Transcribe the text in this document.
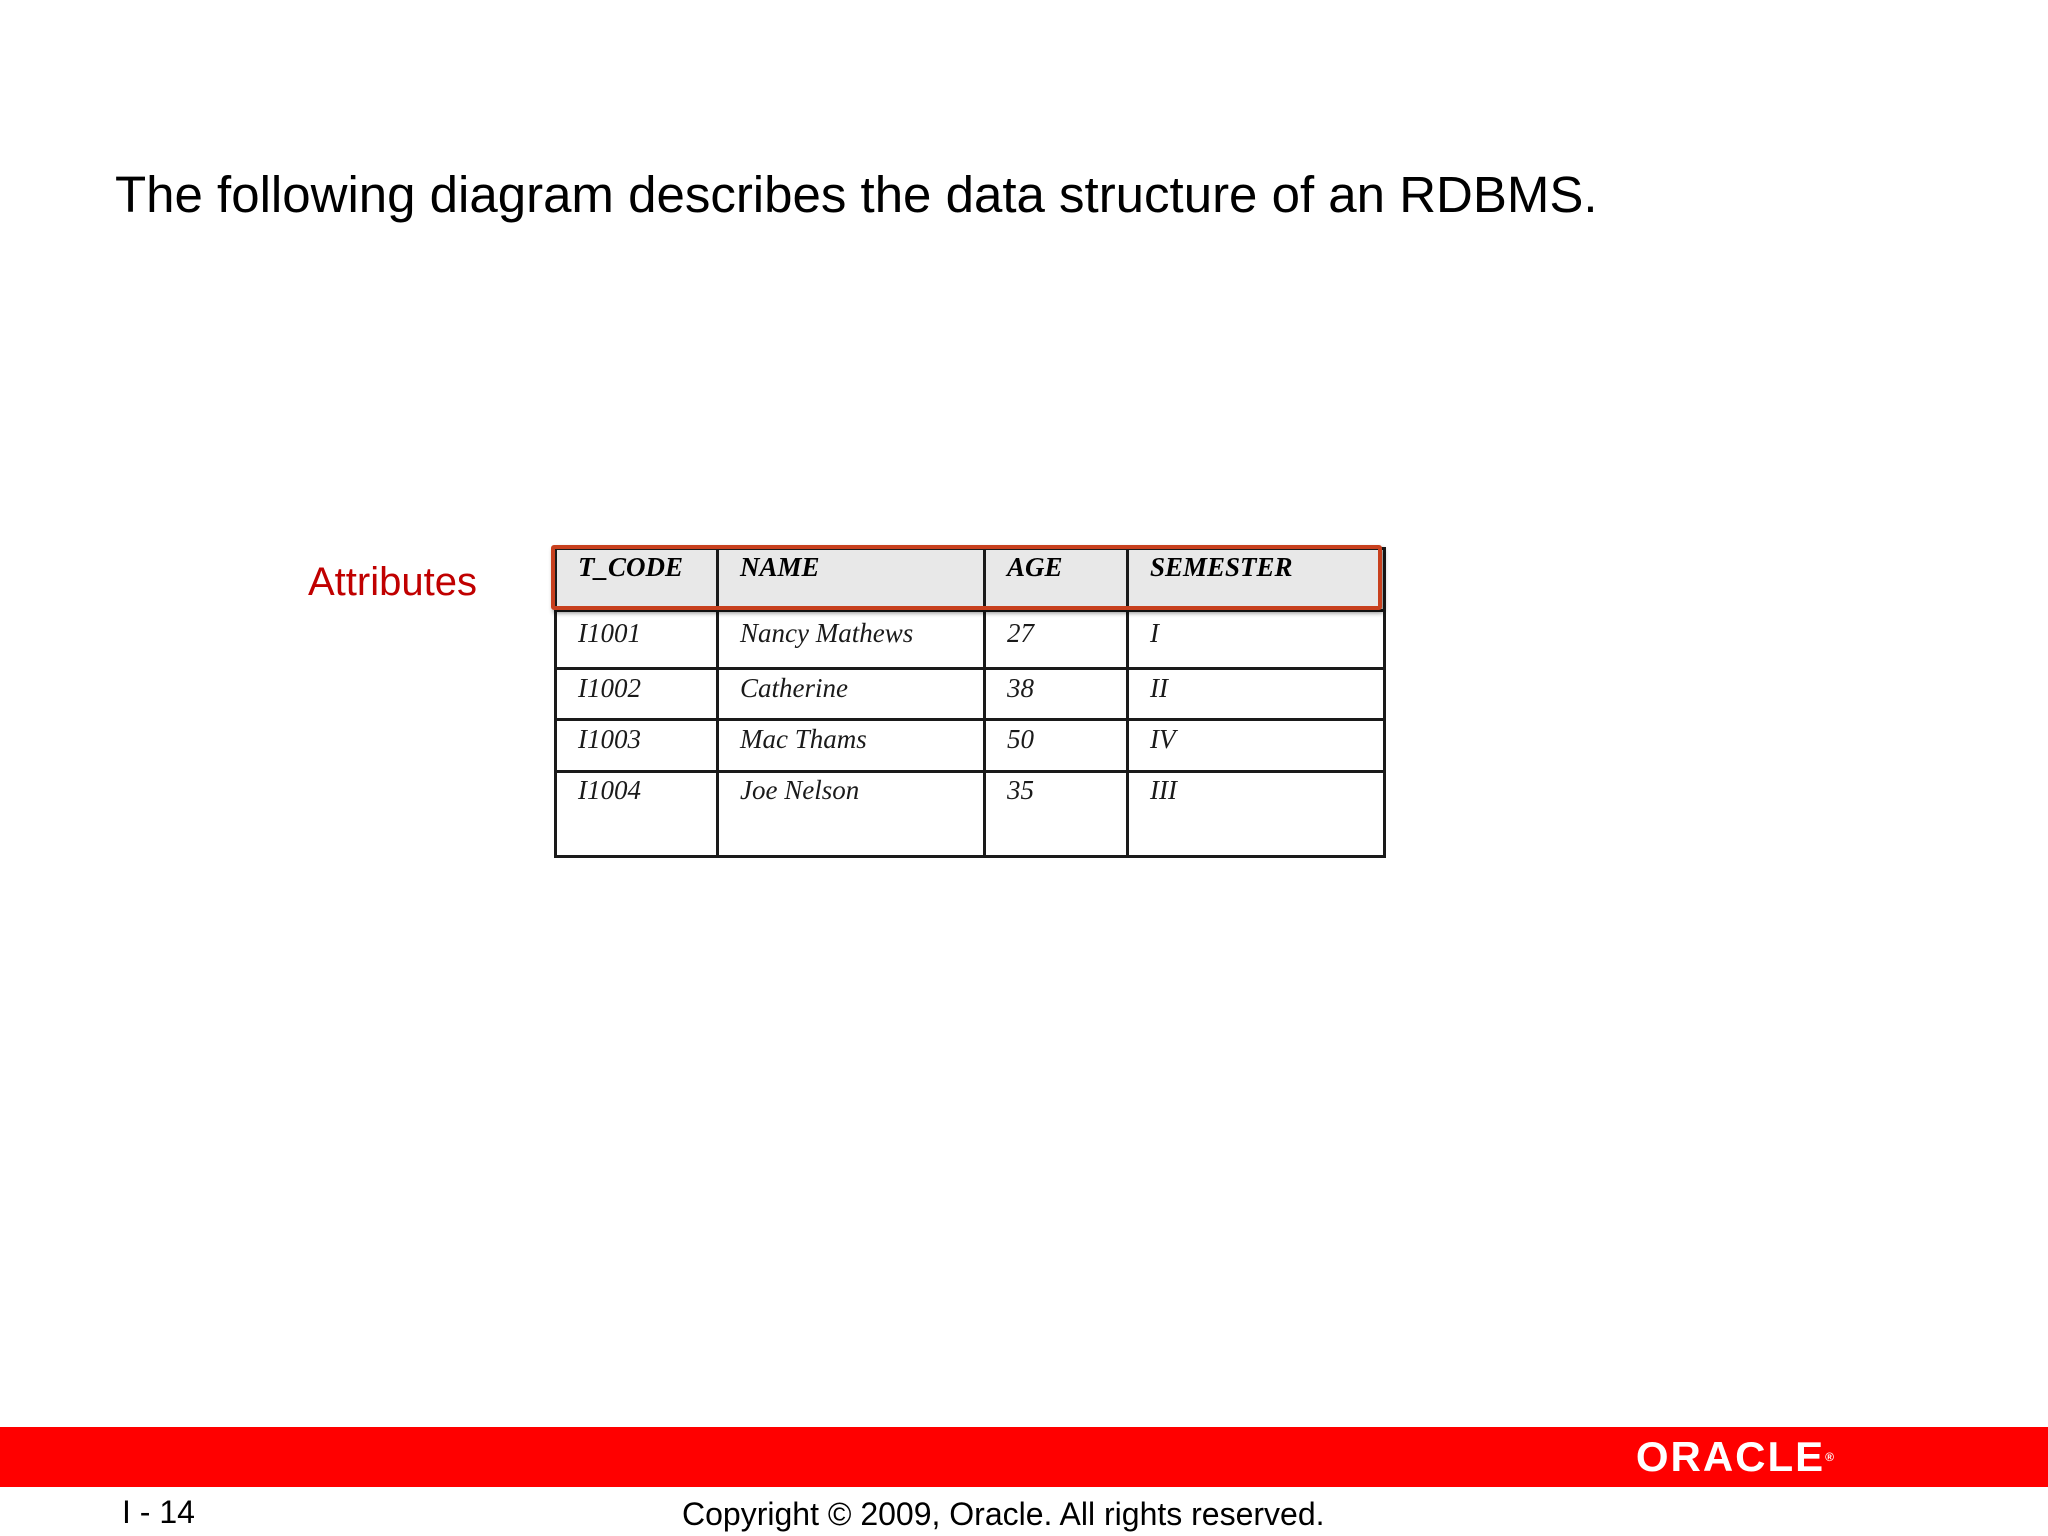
The following diagram describes the data structure of an RDBMS.
Attributes	T_CODE	NAME	AGE	SEMESTER
I1001	Nancy Mathews	27	I
I1002	Catherine	38	II
I1003	Mac Thams	50	IV
I1004	Joe Nelson	35	III
ORACLE®
I - 14	Copyright © 2009, Oracle. All rights reserved.
